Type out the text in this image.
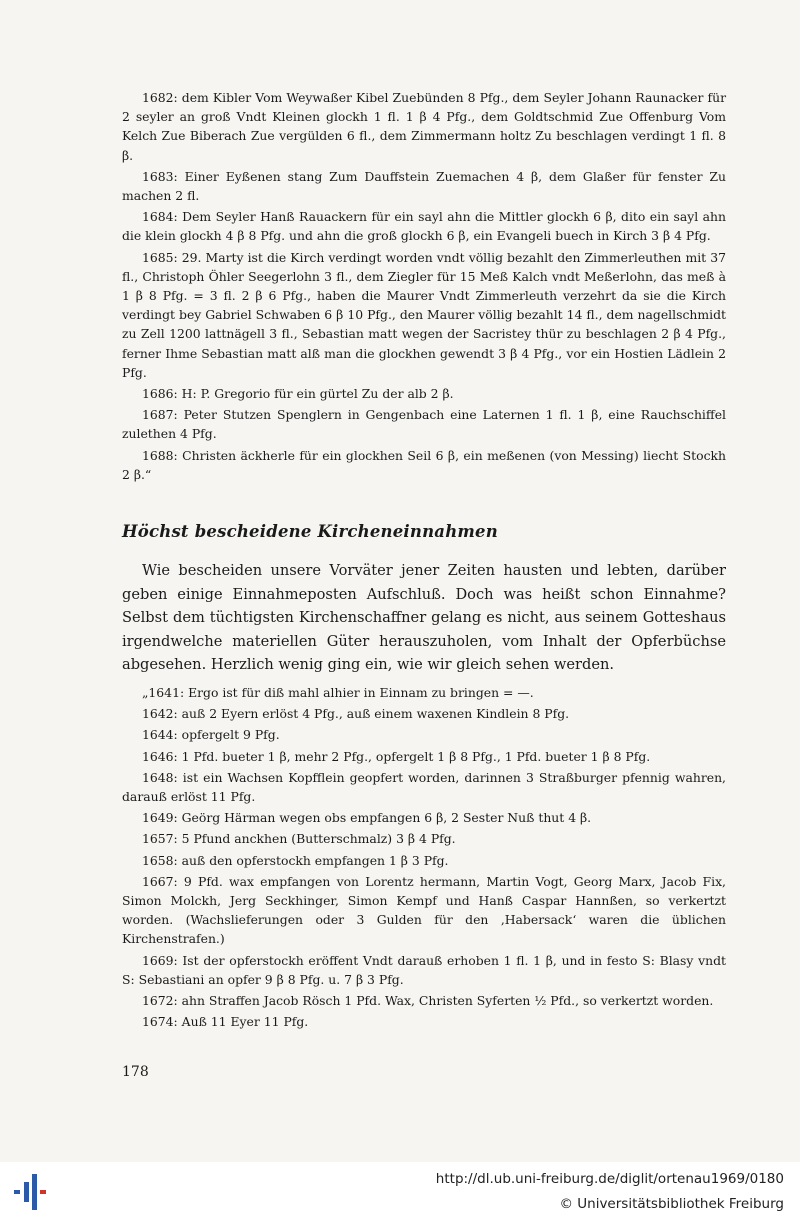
1682: dem Kibler Vom Weywaßer Kibel Zuebünden 8 Pfg., dem Seyler Johann Raunacker für 2 seyler an groß Vndt Kleinen glockh 1 fl. 1 β 4 Pfg., dem Goldtschmid Zue Offenburg Vom Kelch Zue Biberach Zue vergülden 6 fl., dem Zimmermann holtz Zu beschlagen verdingt 1 fl. 8 β.

1683: Einer Eyßenen stang Zum Dauffstein Zuemachen 4 β, dem Glaßer für fenster Zu machen 2 fl.

1684: Dem Seyler Hanß Rauackern für ein sayl ahn die Mittler glockh 6 β, dito ein sayl ahn die klein glockh 4 β 8 Pfg. und ahn die groß glockh 6 β, ein Evangeli buech in Kirch 3 β 4 Pfg.

1685: 29. Marty ist die Kirch verdingt worden vndt völlig bezahlt den Zimmerleuthen mit 37 fl., Christoph Öhler Seegerlohn 3 fl., dem Ziegler für 15 Meß Kalch vndt Meßerlohn, das meß à 1 β 8 Pfg. = 3 fl. 2 β 6 Pfg., haben die Maurer Vndt Zimmerleuth verzehrt da sie die Kirch verdingt bey Gabriel Schwaben 6 β 10 Pfg., den Maurer völlig bezahlt 14 fl., dem nagellschmidt zu Zell 1200 lattnägell 3 fl., Sebastian matt wegen der Sacristey thür zu beschlagen 2 β 4 Pfg., ferner Ihme Sebastian matt alß man die glockhen gewendt 3 β 4 Pfg., vor ein Hostien Lädlein 2 Pfg.

1686: H: P. Gregorio für ein gürtel Zu der alb 2 β.

1687: Peter Stutzen Spenglern in Gengenbach eine Laternen 1 fl. 1 β, eine Rauchschiffel zulethen 4 Pfg.

1688: Christen äckherle für ein glockhen Seil 6 β, ein meßenen (von Messing) liecht Stockh 2 β.“

Höchst bescheidene Kircheneinnahmen

Wie bescheiden unsere Vorväter jener Zeiten hausten und lebten, darüber geben einige Einnahmeposten Aufschluß. Doch was heißt schon Einnahme? Selbst dem tüchtigsten Kirchenschaffner gelang es nicht, aus seinem Gotteshaus irgendwelche materiellen Güter herauszuholen, vom Inhalt der Opferbüchse abgesehen. Herzlich wenig ging ein, wie wir gleich sehen werden.

„1641: Ergo ist für diß mahl alhier in Einnam zu bringen = —.

1642: auß 2 Eyern erlöst 4 Pfg., auß einem waxenen Kindlein 8 Pfg.

1644: opfergelt 9 Pfg.

1646: 1 Pfd. bueter 1 β, mehr 2 Pfg., opfergelt 1 β 8 Pfg., 1 Pfd. bueter 1 β 8 Pfg.

1648: ist ein Wachsen Kopfflein geopfert worden, darinnen 3 Straßburger pfennig wahren, darauß erlöst 11 Pfg.

1649: Geörg Härman wegen obs empfangen 6 β, 2 Sester Nuß thut 4 β.

1657: 5 Pfund anckhen (Butterschmalz) 3 β 4 Pfg.

1658: auß den opferstockh empfangen 1 β 3 Pfg.

1667: 9 Pfd. wax empfangen von Lorentz hermann, Martin Vogt, Georg Marx, Jacob Fix, Simon Molckh, Jerg Seckhinger, Simon Kempf und Hanß Caspar Hannßen, so verkertzt worden. (Wachslieferungen oder 3 Gulden für den ‚Habersack‘ waren die üblichen Kirchenstrafen.)

1669: Ist der opferstockh eröffent Vndt darauß erhoben 1 fl. 1 β, und in festo S: Blasy vndt S: Sebastiani an opfer 9 β 8 Pfg. u. 7 β 3 Pfg.

1672: ahn Straffen Jacob Rösch 1 Pfd. Wax, Christen Syferten ½ Pfd., so verkertzt worden.

1674: Auß 11 Eyer 11 Pfg.

178
http://dl.ub.uni-freiburg.de/diglit/ortenau1969/0180
© Universitätsbibliothek Freiburg
